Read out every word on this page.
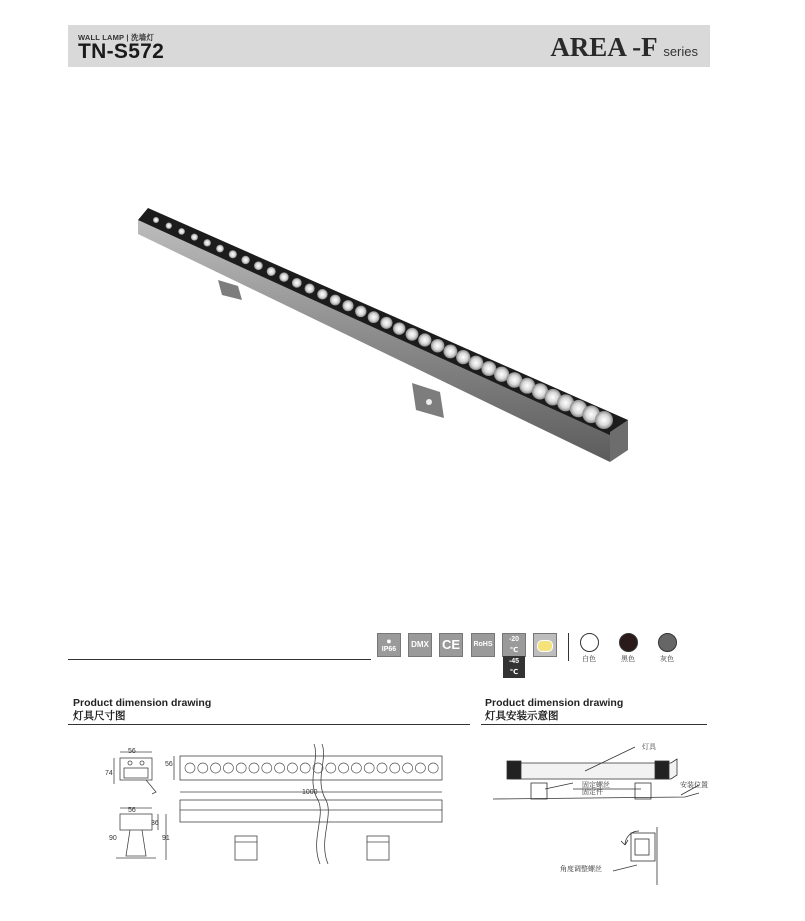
WALL LAMP | 洗墙灯
TN-S572	AREA -F series
●
IP66
DMX CE RoHS
-20
℃
-45
℃
白色	黑色	灰色
Product dimension drawing
灯具尺寸图
Product dimension drawing
灯具安装示意图
56
74
56
1000
56
36
90	91
灯具
固定螺丝
固定件
安装位置
角度调整螺丝
